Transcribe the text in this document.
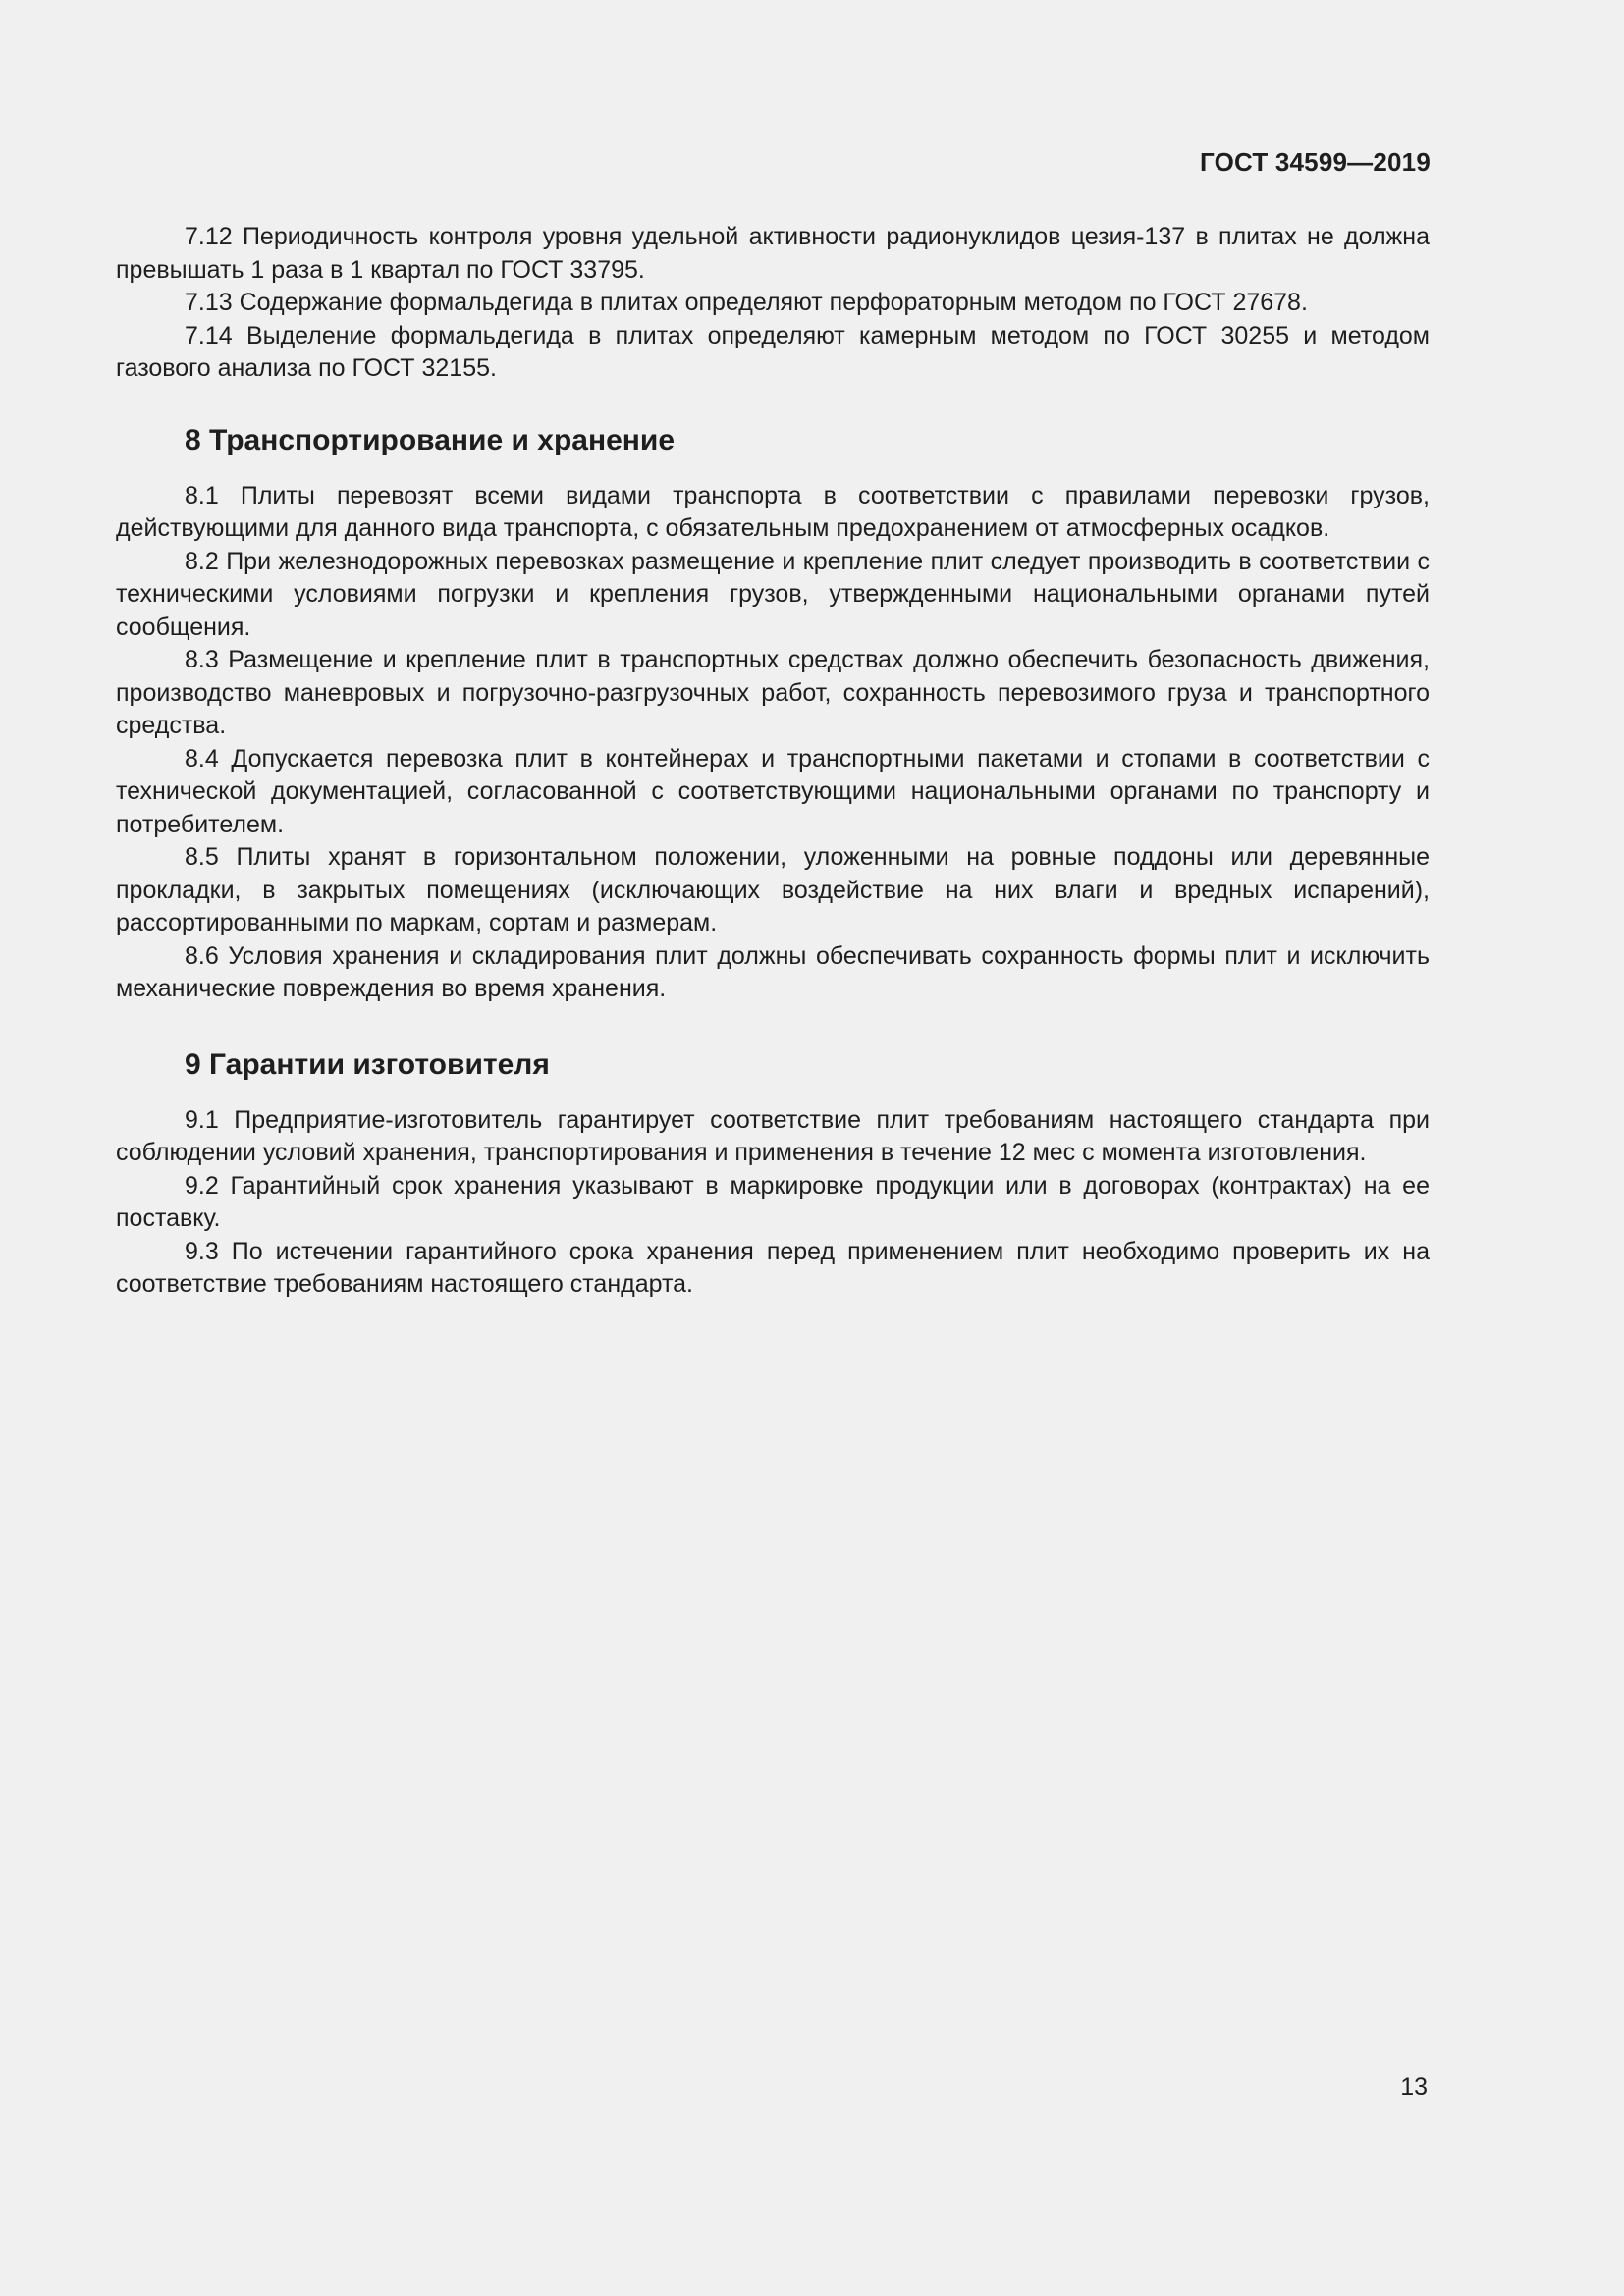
ГОСТ 34599—2019

7.12 Периодичность контроля уровня удельной активности радионуклидов цезия-137 в плитах не должна превышать 1 раза в 1 квартал по ГОСТ 33795.

7.13 Содержание формальдегида в плитах определяют перфораторным методом по ГОСТ 27678.

7.14 Выделение формальдегида в плитах определяют камерным методом по ГОСТ 30255 и методом газового анализа по ГОСТ 32155.

8 Транспортирование и хранение

8.1 Плиты перевозят всеми видами транспорта в соответствии с правилами перевозки грузов, действующими для данного вида транспорта, с обязательным предохранением от атмосферных осадков.

8.2 При железнодорожных перевозках размещение и крепление плит следует производить в соответствии с техническими условиями погрузки и крепления грузов, утвержденными национальными органами путей сообщения.

8.3 Размещение и крепление плит в транспортных средствах должно обеспечить безопасность движения, производство маневровых и погрузочно-разгрузочных работ, сохранность перевозимого груза и транспортного средства.

8.4 Допускается перевозка плит в контейнерах и транспортными пакетами и стопами в соответствии с технической документацией, согласованной с соответствующими национальными органами по транспорту и потребителем.

8.5 Плиты хранят в горизонтальном положении, уложенными на ровные поддоны или деревянные прокладки, в закрытых помещениях (исключающих воздействие на них влаги и вредных испарений), рассортированными по маркам, сортам и размерам.

8.6 Условия хранения и складирования плит должны обеспечивать сохранность формы плит и исключить механические повреждения во время хранения.

9 Гарантии изготовителя

9.1 Предприятие-изготовитель гарантирует соответствие плит требованиям настоящего стандарта при соблюдении условий хранения, транспортирования и применения в течение 12 мес с момента изготовления.

9.2 Гарантийный срок хранения указывают в маркировке продукции или в договорах (контрактах) на ее поставку.

9.3 По истечении гарантийного срока хранения перед применением плит необходимо проверить их на соответствие требованиям настоящего стандарта.

13
